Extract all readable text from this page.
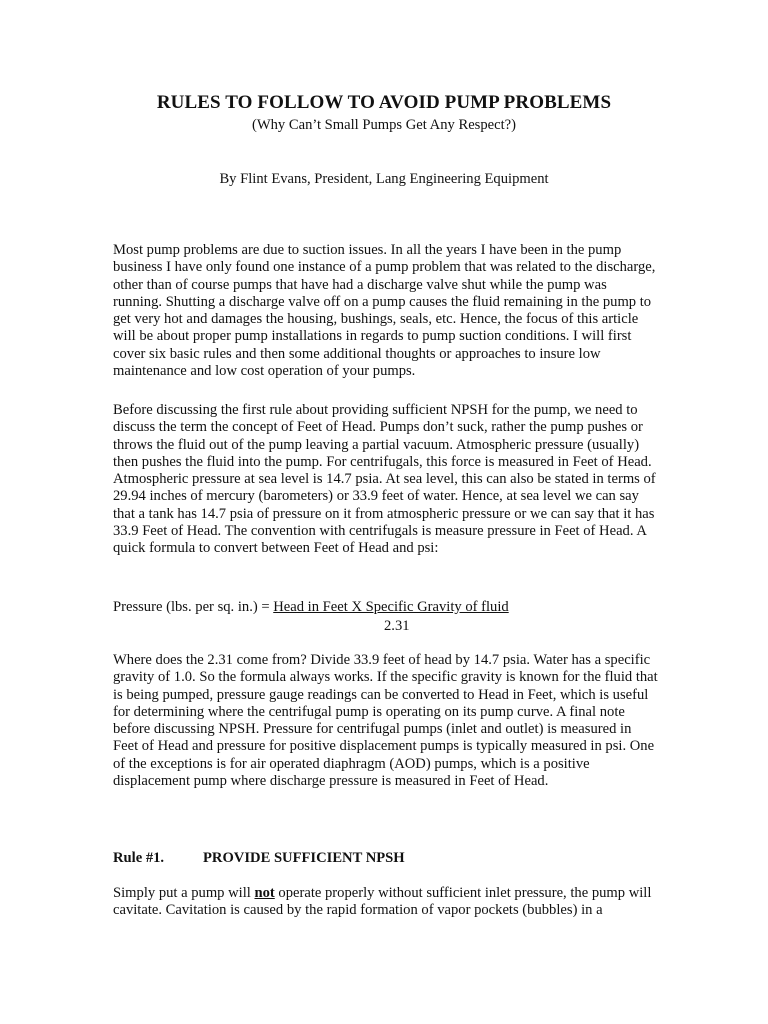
RULES TO FOLLOW TO AVOID PUMP PROBLEMS
(Why Can’t Small Pumps Get Any Respect?)
By Flint Evans, President, Lang Engineering Equipment

Most pump problems are due to suction issues. In all the years I have been in the pump business I have only found one instance of a pump problem that was related to the discharge, other than of course pumps that have had a discharge valve shut while the pump was running. Shutting a discharge valve off on a pump causes the fluid remaining in the pump to get very hot and damages the housing, bushings, seals, etc. Hence, the focus of this article will be about proper pump installations in regards to pump suction conditions. I will first cover six basic rules and then some additional thoughts or approaches to insure low maintenance and low cost operation of your pumps.

Before discussing the first rule about providing sufficient NPSH for the pump, we need to discuss the term the concept of Feet of Head. Pumps don’t suck, rather the pump pushes or throws the fluid out of the pump leaving a partial vacuum. Atmospheric pressure (usually) then pushes the fluid into the pump. For centrifugals, this force is measured in Feet of Head. Atmospheric pressure at sea level is 14.7 psia. At sea level, this can also be stated in terms of 29.94 inches of mercury (barometers) or 33.9 feet of water. Hence, at sea level we can say that a tank has 14.7 psia of pressure on it from atmospheric pressure or we can say that it has 33.9 Feet of Head. The convention with centrifugals is measure pressure in Feet of Head. A quick formula to convert between Feet of Head and psi:

Pressure (lbs. per sq. in.) = Head in Feet X Specific Gravity of fluid
2.31

Where does the 2.31 come from? Divide 33.9 feet of head by 14.7 psia. Water has a specific gravity of 1.0. So the formula always works. If the specific gravity is known for the fluid that is being pumped, pressure gauge readings can be converted to Head in Feet, which is useful for determining where the centrifugal pump is operating on its pump curve. A final note before discussing NPSH. Pressure for centrifugal pumps (inlet and outlet) is measured in Feet of Head and pressure for positive displacement pumps is typically measured in psi. One of the exceptions is for air operated diaphragm (AOD) pumps, which is a positive displacement pump where discharge pressure is measured in Feet of Head.

Rule #1.	PROVIDE SUFFICIENT NPSH

Simply put a pump will not operate properly without sufficient inlet pressure, the pump will cavitate. Cavitation is caused by the rapid formation of vapor pockets (bubbles) in a
